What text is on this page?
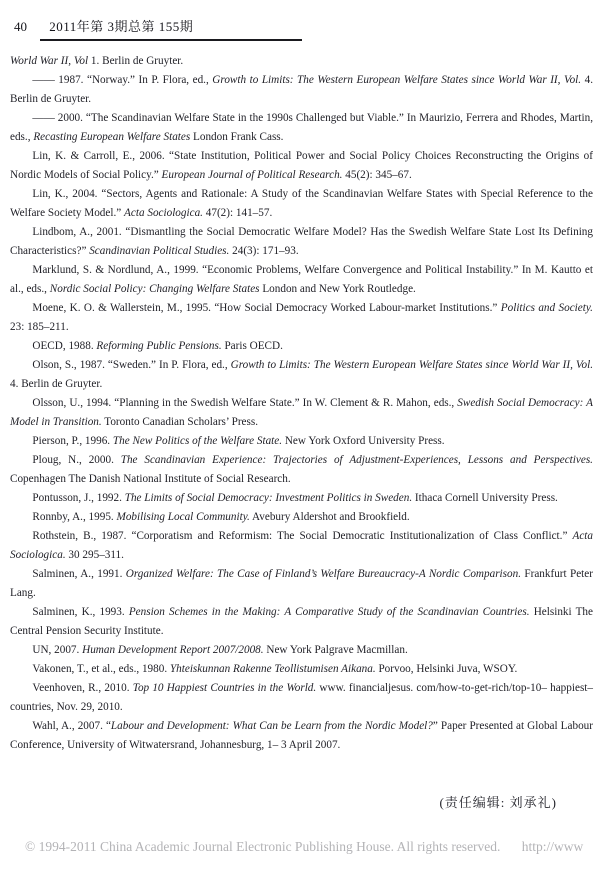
40 2011年第 3期总第 155期

World War II, Vol 1. Berlin de Gruyter.

—— 1987. “Norway.” In P. Flora, ed., Growth to Limits: The Western European Welfare States since World War II, Vol. 4. Berlin de Gruyter.

—— 2000. “The Scandinavian Welfare State in the 1990s Challenged but Viable.” In Maurizio, Ferrera and Rhodes, Martin, eds., Recasting European Welfare States London Frank Cass.

Lin, K. & Carroll, E., 2006. “State Institution, Political Power and Social Policy Choices Reconstructing the Origins of Nordic Models of Social Policy.” European Journal of Political Research. 45(2): 345–67.

Lin, K., 2004. “Sectors, Agents and Rationale: A Study of the Scandinavian Welfare States with Special Reference to the Welfare Society Model.” Acta Sociologica. 47(2): 141–57.

Lindbom, A., 2001. “Dismantling the Social Democratic Welfare Model? Has the Swedish Welfare State Lost Its Defining Characteristics?” Scandinavian Political Studies. 24(3): 171–93.

Marklund, S. & Nordlund, A., 1999. “Economic Problems, Welfare Convergence and Political Instability.” In M. Kautto et al., eds., Nordic Social Policy: Changing Welfare States London and New York Routledge.

Moene, K. O. & Wallerstein, M., 1995. “How Social Democracy Worked Labour-market Institutions.” Politics and Society. 23: 185–211.

OECD, 1988. Reforming Public Pensions. Paris OECD.

Olson, S., 1987. “Sweden.” In P. Flora, ed., Growth to Limits: The Western European Welfare States since World War II, Vol. 4. Berlin de Gruyter.

Olsson, U., 1994. “Planning in the Swedish Welfare State.” In W. Clement & R. Mahon, eds., Swedish Social Democracy: A Model in Transition. Toronto Canadian Scholars’ Press.

Pierson, P., 1996. The New Politics of the Welfare State. New York Oxford University Press.

Ploug, N., 2000. The Scandinavian Experience: Trajectories of Adjustment-Experiences, Lessons and Perspectives. Copenhagen The Danish National Institute of Social Research.

Pontusson, J., 1992. The Limits of Social Democracy: Investment Politics in Sweden. Ithaca Cornell University Press.

Ronnby, A., 1995. Mobilising Local Community. Avebury Aldershot and Brookfield.

Rothstein, B., 1987. “Corporatism and Reformism: The Social Democratic Institutionalization of Class Conflict.” Acta Sociologica. 30 295–311.

Salminen, A., 1991. Organized Welfare: The Case of Finland’s Welfare Bureaucracy-A Nordic Comparison. Frankfurt Peter Lang.

Salminen, K., 1993. Pension Schemes in the Making: A Comparative Study of the Scandinavian Countries. Helsinki The Central Pension Security Institute.

UN, 2007. Human Development Report 2007/2008. New York Palgrave Macmillan.

Vakonen, T., et al., eds., 1980. Yhteiskunnan Rakenne Teollistumisen Aikana. Porvoo, Helsinki Juva, WSOY.

Veenhoven, R., 2010. Top 10 Happiest Countries in the World. www. financialjesus. com/how-to-get-rich/top-10– happiest– countries, Nov. 29, 2010.

Wahl, A., 2007. “Labour and Development: What Can be Learn from the Nordic Model?” Paper Presented at Global Labour Conference, University of Witwatersrand, Johannesburg, 1– 3 April 2007.

(责任编辑: 刘承礼)
© 1994-2011 China Academic Journal Electronic Publishing House. All rights reserved. http://www
